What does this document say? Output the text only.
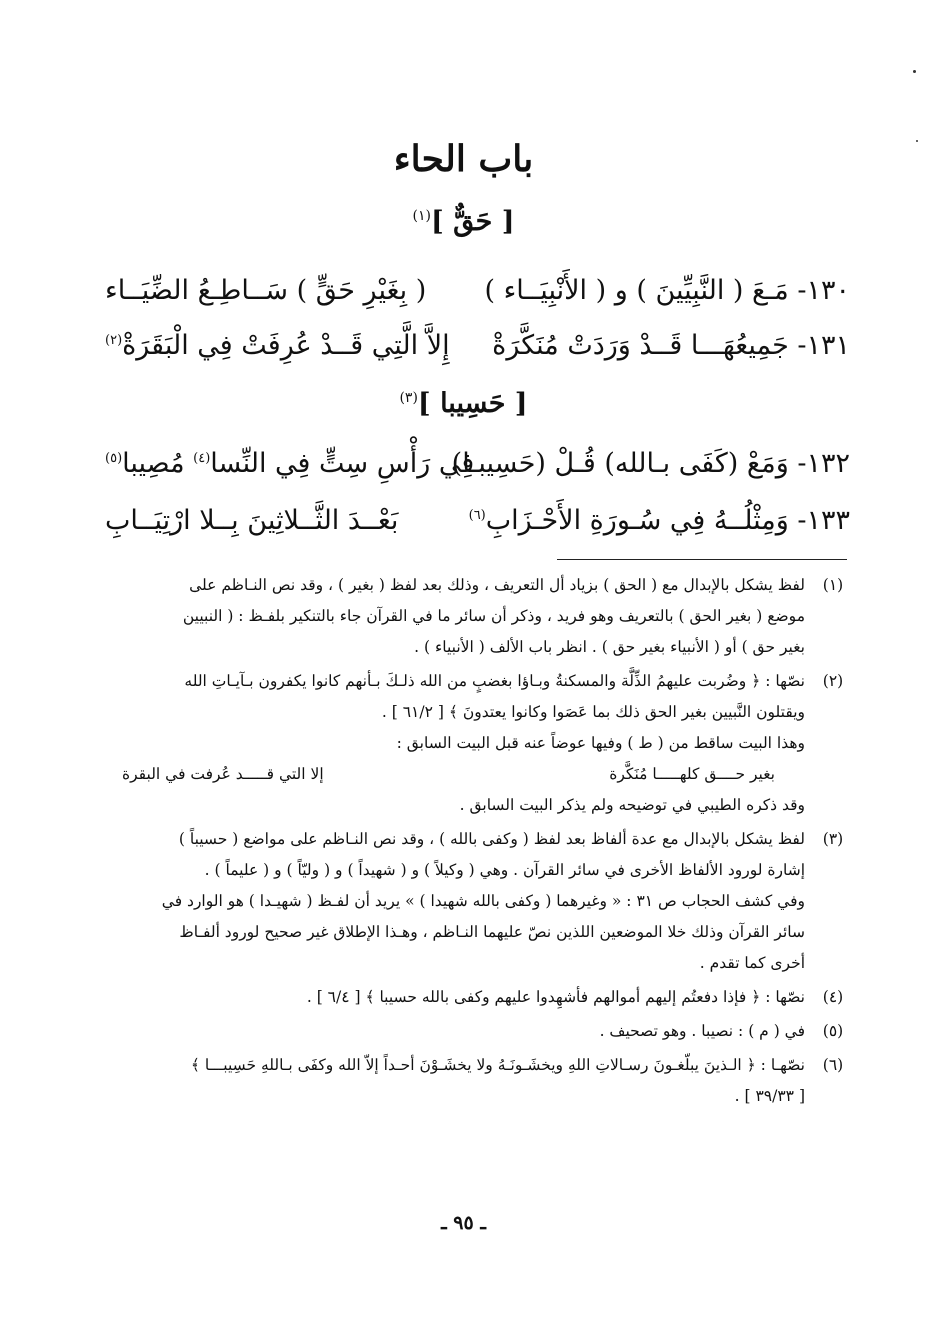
باب الحاء
[ حَقٌّ ]$^{(١)}$
١٣٠- مَـعَ ( النَّبِيِّينَ ) و ( الأَنْبِيَــاء )
( بِغَيْرِ حَقٍّ ) سَــاطِـعُ الضِّيَــاء
١٣١- جَمِيعُهَـــا قَــدْ وَرَدَتْ مُنَكَّرَةْ
إِلاَّ الَّتِي قَــدْ عُرِفَتْ فِي الْبَقَرَةْ$^{(٢)}$
[ حَسِيبا ]$^{(٣)}$
١٣٢- وَمَعْ (كَفَى بـالله) قُـلْ (حَسِيبـا)
فِي رَأْسِ سِتٍّ فِي النِّسا$^{(٤)}$ مُصِيبا$^{(٥)}$
١٣٣- وَمِثْلُــهُ فِي سُـورَةِ الأَحْـزَابِ$^{(٦)}$
بَعْــدَ الثَّــلاثِينَ بِــلا ارْتِيَــابِ
(١)

لفظ يشكل بالإبدال مع ( الحق ) بزياد أل التعريف ، وذلك بعد لفظ ( بغير ) ، وقد نص النـاظم على

موضع ( بغير الحق ) بالتعريف وهو فريد ، وذكر أن سائر ما في القرآن جاء بالتنكير بلفـظ : ( النبيين

بغير حق ) أو ( الأنبياء بغير حق ) . انظر باب الألف ( الأنبياء ) .

(٢)

نصّها : ﴿ وضُربت عليهمُ الذِّلَّة والمسكنةُ وبـاؤا بغضبٍ من الله ذلـكَ بـأنهم كانوا يكفرون بـآيـاتِ الله

ويقتلون النَّبيين بغير الحق ذلك بما عَصَوا وكانوا يعتدونَ ﴾ [ ٦١/٢ ] .

وهذا البيت ساقط من ( ط ) وفيها عوضاً عنه قبل البيت السابق :

بغير حــــق كلهـــــا مُنَكَّرة
إلا التي قـــــد عُرفت في البقرة

وقد ذكره الطيبي في توضيحه ولم يذكر البيت السابق .

(٣)

لفظ يشكل بالإبدال مع عدة ألفاظ بعد لفظ ( وكفى بالله ) ، وقد نص النـاظم على مواضع ( حسيباً )

إشارة لورود الألفاظ الأخرى في سائر القرآن . وهي ( وكيلاً ) و ( شهيداً ) و ( وليّاً ) و ( عليماً ) .

وفي كشف الحجاب ص ٣١ : « وغيرهما ( وكفى بالله شهيدا ) » يريد أن لفـظ ( شهيـدا ) هو الوارد في

سائر القرآن وذلك خلا الموضعين اللذين نصّ عليهما النـاظم ، وهـذا الإطلاق غير صحيح لورود ألفـاظ

أخرى كما تقدم .

(٤)

نصّها : ﴿ فإذا دفعتُم إليهم أموالهم فأشهِدوا عليهم وكفى بالله حسيبا ﴾ [ ٦/٤ ] .

(٥)

في ( م ) : نصيبا . وهو تصحيف .

(٦)

نصّهـا : ﴿ الـذينَ يبلّغـونَ رسـالاتِ اللهِ ويخشَـونَـهُ ولا يخشَـوْنَ أحـداً إلاّ الله وكفَى بـاللهِ حَسِيبـــا ﴾

[ ٣٩/٣٣ ] .

ـ ٩٥ ـ
